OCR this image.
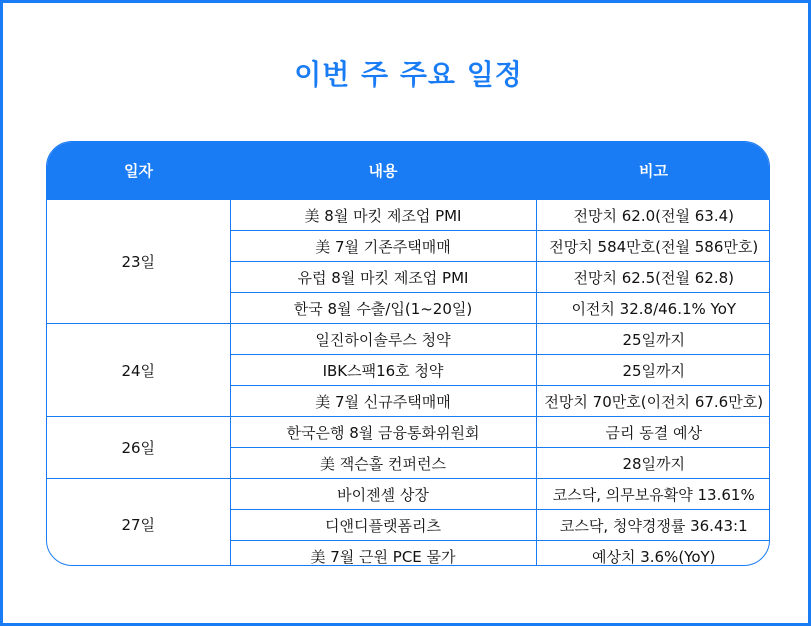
이번 주 주요 일정
일자	내용	비고
23일	美 8월 마킷 제조업 PMI	전망치 62.0(전월 63.4)
	美 7월 기존주택매매	전망치 584만호(전월 586만호)
	유럽 8월 마킷 제조업 PMI	전망치 62.5(전월 62.8)
	한국 8월 수출/입(1~20일)	이전치 32.8/46.1% YoY
24일	일진하이솔루스 청약	25일까지
	IBK스팩16호 청약	25일까지
	美 7월 신규주택매매	전망치 70만호(이전치 67.6만호)
26일	한국은행 8월 금융통화위원회	금리 동결 예상
	美 잭슨홀 컨퍼런스	28일까지
27일	바이젠셀 상장	코스닥, 의무보유확약 13.61%
	디앤디플랫폼리츠	코스닥, 청약경쟁률 36.43:1
	美 7월 근원 PCE 물가	예상치 3.6%(YoY)
